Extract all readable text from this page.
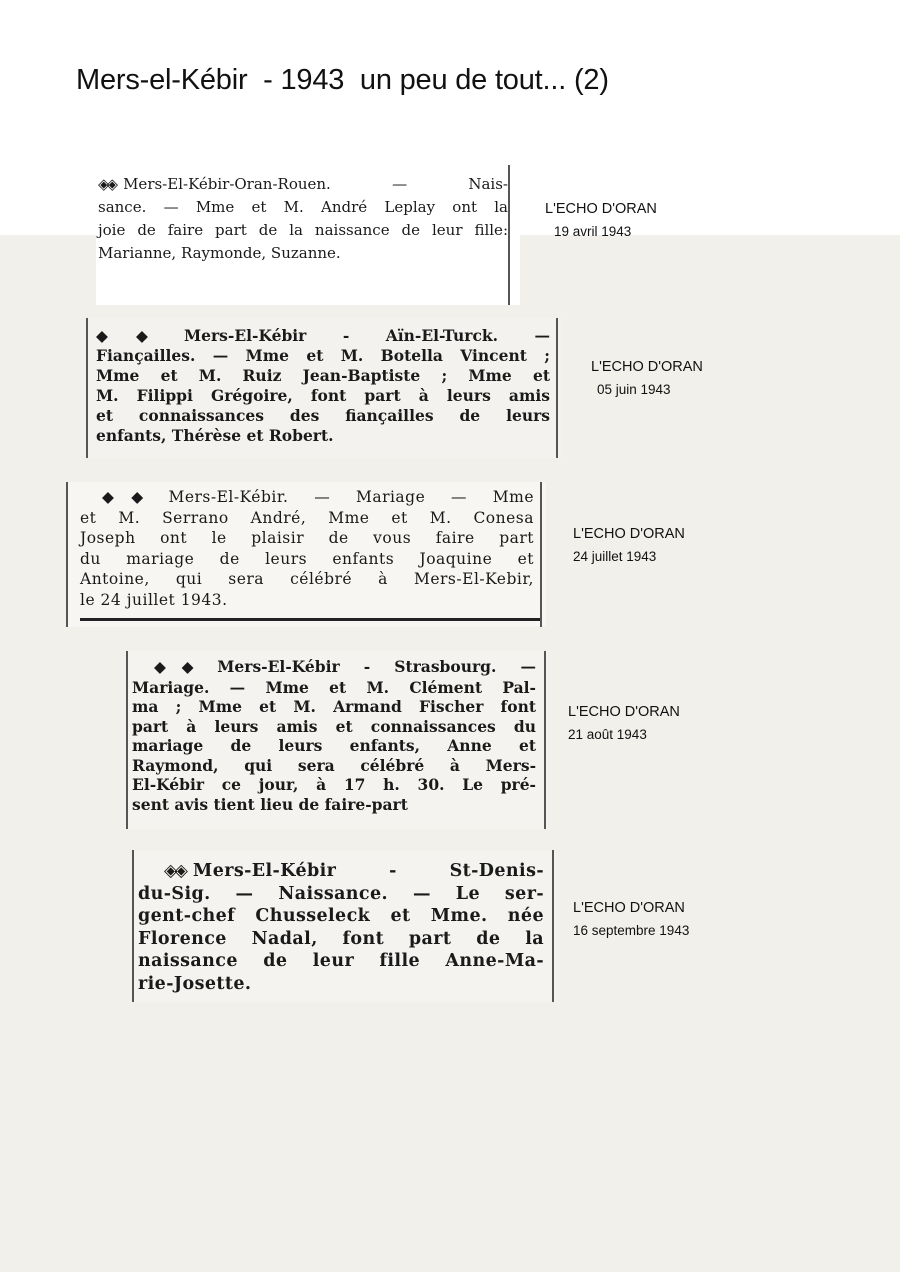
Mers-el-Kébir  - 1943  un peu de tout... (2)
◈◈ Mers-El-Kébir-Oran-Rouen. — Nais-
sance. — Mme et M. André Leplay ont la
joie de faire part de la naissance de leur fille:
Marianne, Raymonde, Suzanne.
L'ECHO D'ORAN
19 avril 1943
◆◆ Mers-El-Kébir - Aïn-El-Turck. —
Fiançailles. — Mme et M. Botella Vincent ;
Mme et M. Ruiz Jean-Baptiste ; Mme et
M. Filippi Grégoire, font part à leurs amis
et connaissances des fiançailles de leurs
enfants, Thérèse et Robert.
L'ECHO D'ORAN
05 juin 1943
◆◆ Mers-El-Kébir. — Mariage — Mme
et M. Serrano André, Mme et M. Conesa
Joseph ont le plaisir de vous faire part
du mariage de leurs enfants Joaquine et
Antoine, qui sera célébré à Mers-El-Kebir,
le 24 juillet 1943.
L'ECHO D'ORAN
24 juillet 1943
◆◆ Mers-El-Kébir - Strasbourg. —
Mariage. — Mme et M. Clément Pal-
ma ; Mme et M. Armand Fischer font
part à leurs amis et connaissances du
mariage de leurs enfants, Anne et
Raymond, qui sera célébré à Mers-
El-Kébir ce jour, à 17 h. 30. Le pré-
sent avis tient lieu de faire-part
L'ECHO D'ORAN
21 août 1943
◈◈ Mers-El-Kébir - St-Denis-
du-Sig. — Naissance. — Le ser-
gent-chef Chusseleck et Mme. née
Florence Nadal, font part de la
naissance de leur fille Anne-Ma-
rie-Josette.
L'ECHO D'ORAN
16 septembre 1943
